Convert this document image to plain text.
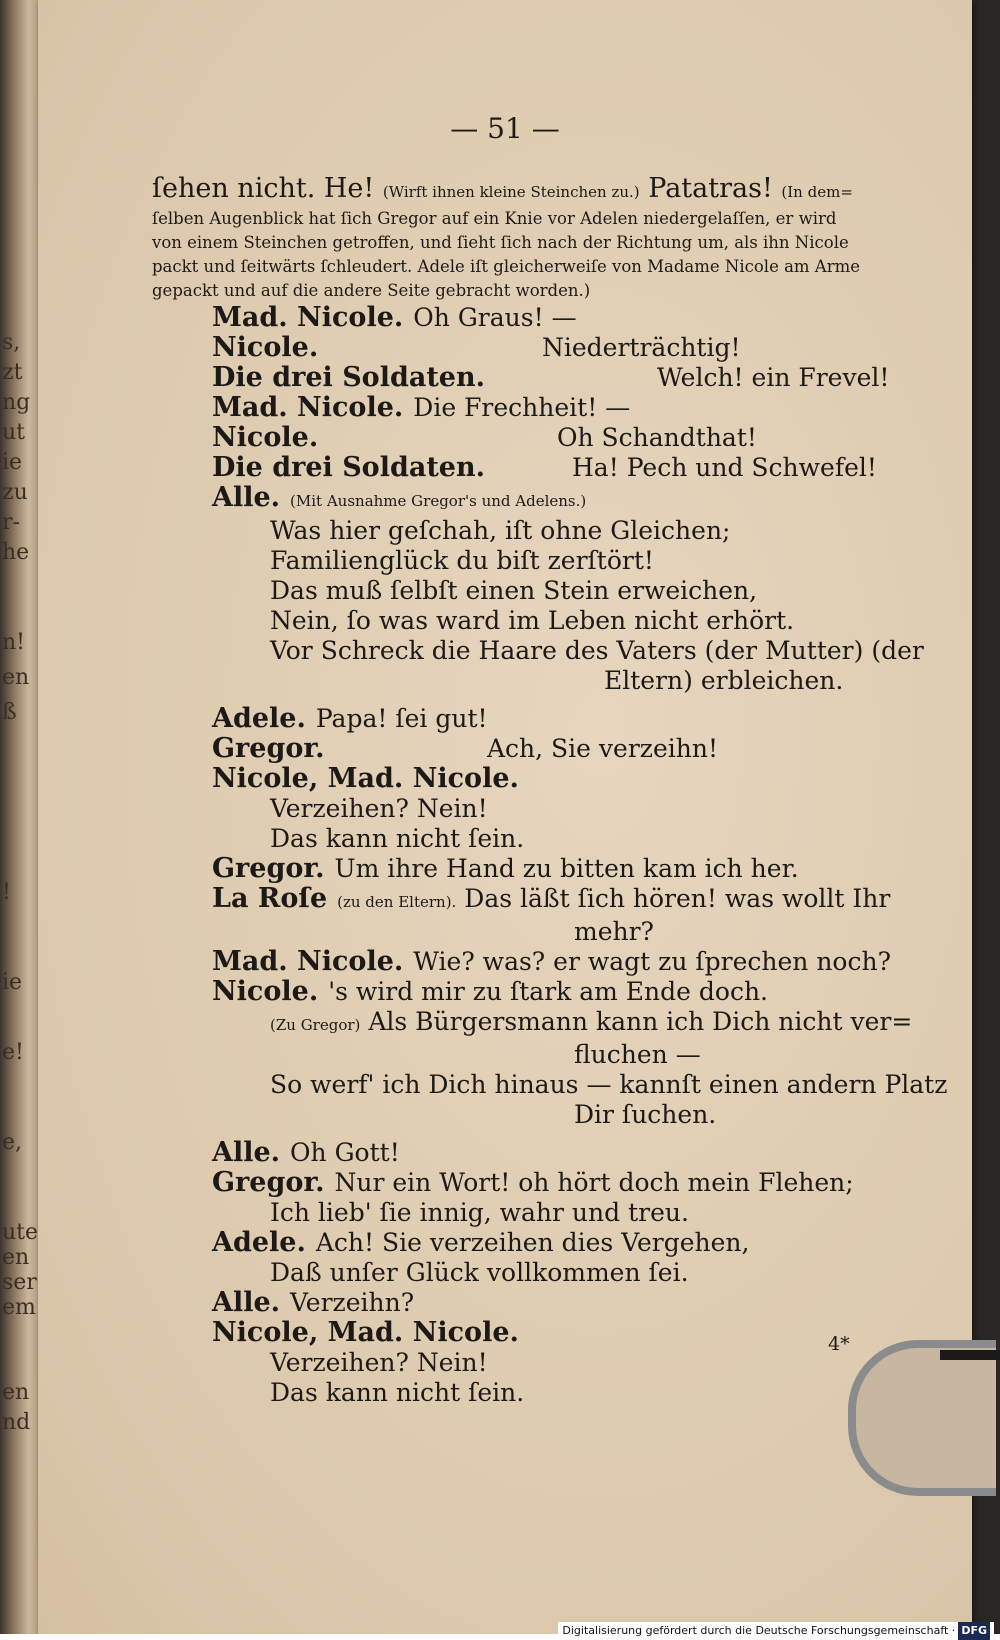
s,
zt
ng
ut
ie
zu
r-
he
n!
en
ß
!
ie
e!
e,
ute
en
ser
em
en
nd
— 51 —
ſehen nicht. He! (Wirft ihnen kleine Steinchen zu.) Patatras! (In dem=
ſelben Augenblick hat ſich Gregor auf ein Knie vor Adelen niedergelaſſen, er wird
von einem Steinchen getroffen, und ſieht ſich nach der Richtung um, als ihn Nicole
packt und ſeitwärts ſchleudert. Adele iſt gleicherweiſe von Madame Nicole am Arme
gepackt und auf die andere Seite gebracht worden.)
Mad. Nicole. Oh Graus! —
Nicole.	Niederträchtig!
Die drei Soldaten.	Welch! ein Frevel!
Mad. Nicole. Die Frechheit! —
Nicole.	Oh Schandthat!
Die drei Soldaten.	Ha! Pech und Schwefel!
Alle. (Mit Ausnahme Gregor's und Adelens.)
Was hier geſchah, iſt ohne Gleichen;
Familienglück du biſt zerſtört!
Das muß ſelbſt einen Stein erweichen,
Nein, ſo was ward im Leben nicht erhört.
Vor Schreck die Haare des Vaters (der Mutter) (der
Eltern) erbleichen.
Adele. Papa! ſei gut!
Gregor.	Ach, Sie verzeihn!
Nicole, Mad. Nicole.
Verzeihen? Nein!
Das kann nicht ſein.
Gregor. Um ihre Hand zu bitten kam ich her.
La Roſe (zu den Eltern). Das läßt ſich hören! was wollt Ihr
mehr?
Mad. Nicole. Wie? was? er wagt zu ſprechen noch?
Nicole. 's wird mir zu ſtark am Ende doch.
(Zu Gregor) Als Bürgersmann kann ich Dich nicht ver=
fluchen —
So werf' ich Dich hinaus — kannſt einen andern Platz
Dir ſuchen.
Alle. Oh Gott!
Gregor. Nur ein Wort! oh hört doch mein Flehen;
Ich lieb' ſie innig, wahr und treu.
Adele. Ach! Sie verzeihen dies Vergehen,
Daß unſer Glück vollkommen ſei.
Alle. Verzeihn?
Nicole, Mad. Nicole.
Verzeihen? Nein!
Das kann nicht ſein.
4*
Digitalisierung gefördert durch die Deutsche Forschungsgemeinschaft · DFG
